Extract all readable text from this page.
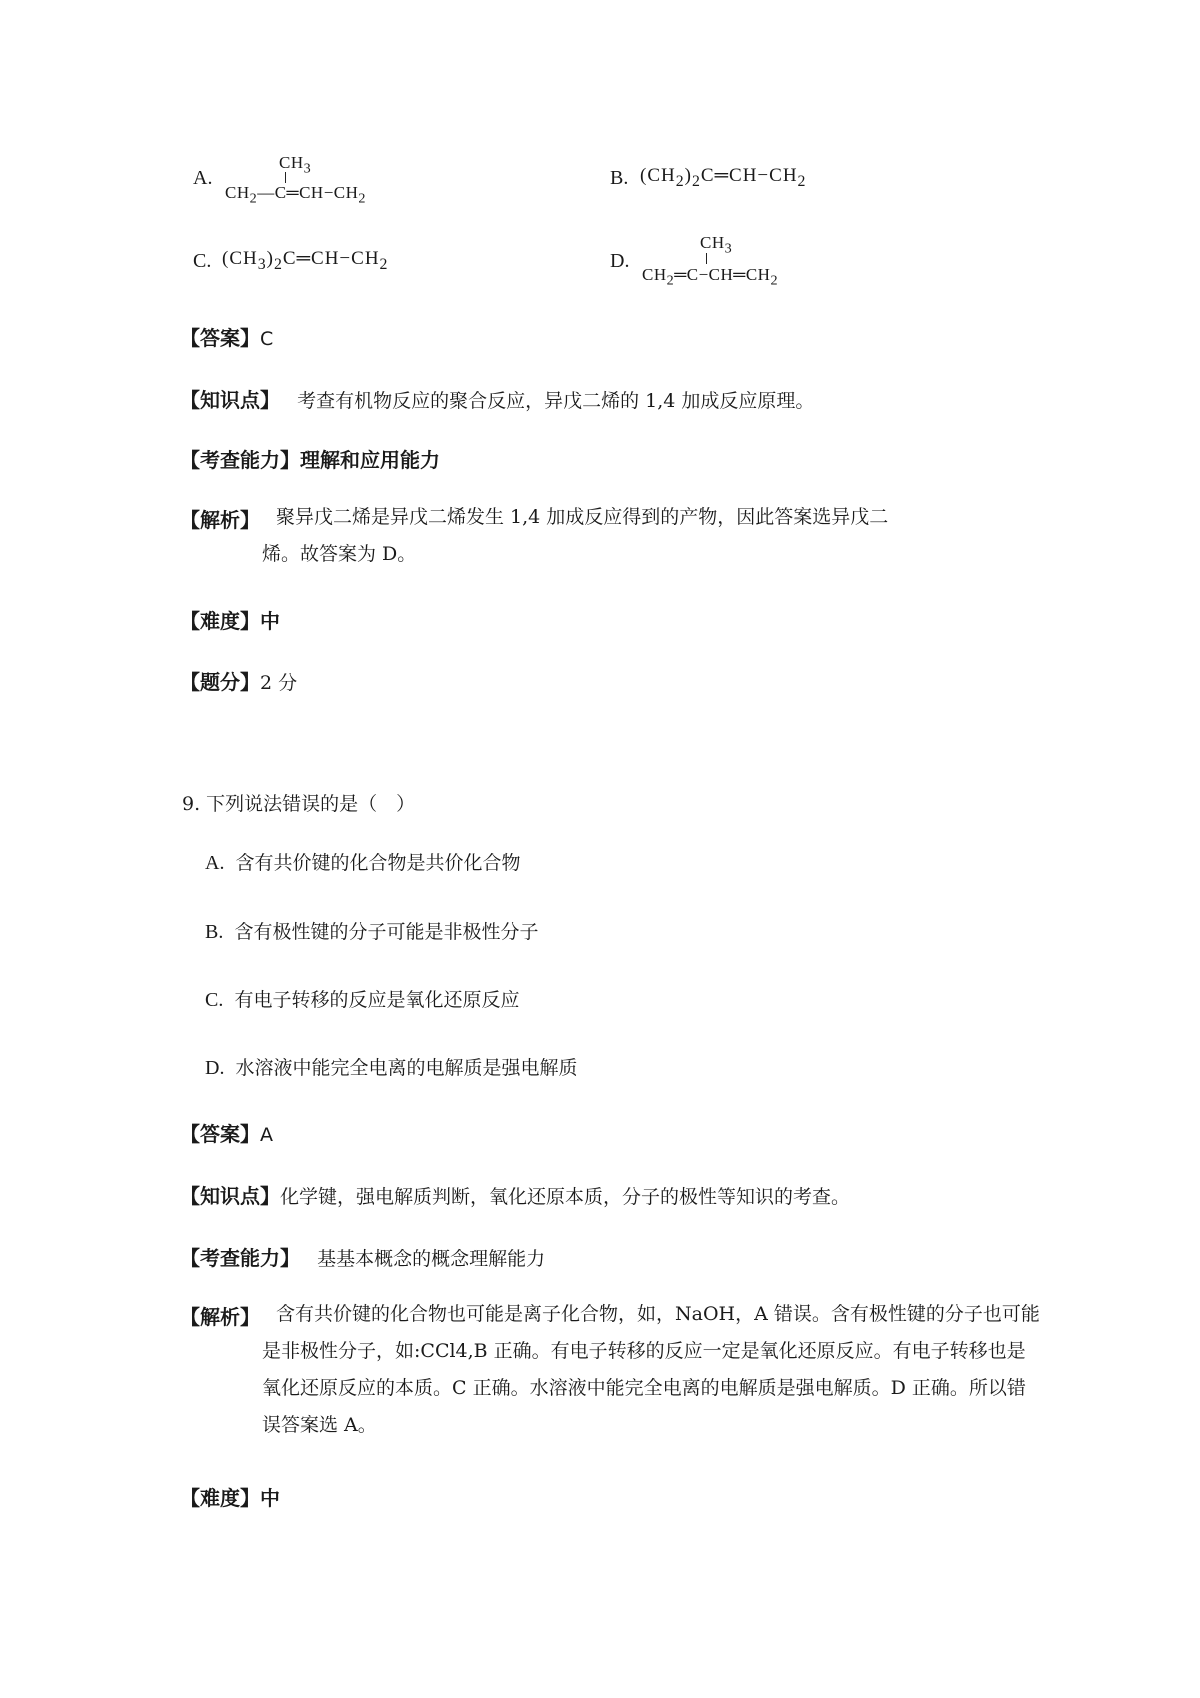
A.
$CH_3$
$CH_2—C═CH-CH_2$
B. $(CH_2)_2C═CH-CH_2$
C. $(CH_3)_2C═CH-CH_2$	D.
$CH_3$
$CH_2═C-CH═CH_2$
【答案】C
【知识点】 考查有机物反应的聚合反应，异戊二烯的 1,4 加成反应原理。
【考查能力】理解和应用能力
【解析】 聚异戊二烯是异戊二烯发生 1,4 加成反应得到的产物，因此答案选异戊二烯。故答案为 D。
【难度】中
【题分】2 分
9. 下列说法错误的是（　）
A. 含有共价键的化合物是共价化合物
B. 含有极性键的分子可能是非极性分子
C. 有电子转移的反应是氧化还原反应
D. 水溶液中能完全电离的电解质是强电解质
【答案】A
【知识点】化学键，强电解质判断，氧化还原本质，分子的极性等知识的考查。
【考查能力】 基基本概念的概念理解能力
【解析】 含有共价键的化合物也可能是离子化合物，如，NaOH，A 错误。含有极性键的分子也可能是非极性分子，如:CCl4,B 正确。有电子转移的反应一定是氧化还原反应。有电子转移也是氧化还原反应的本质。C 正确。水溶液中能完全电离的电解质是强电解质。D 正确。所以错误答案选 A。
【难度】中
